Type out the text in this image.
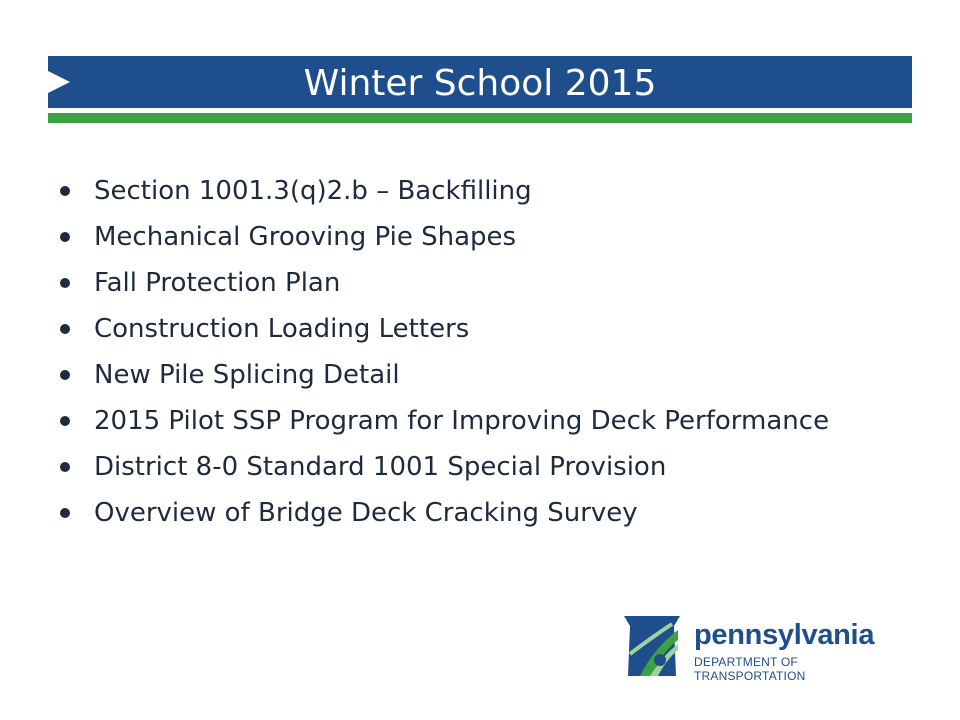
Winter School 2015
Section 1001.3(q)2.b – Backfilling
Mechanical Grooving Pie Shapes
Fall Protection Plan
Construction Loading Letters
New Pile Splicing Detail
2015 Pilot SSP Program for Improving Deck Performance
District 8-0 Standard 1001 Special Provision
Overview of Bridge Deck Cracking Survey
pennsylvania
DEPARTMENT OF TRANSPORTATION
